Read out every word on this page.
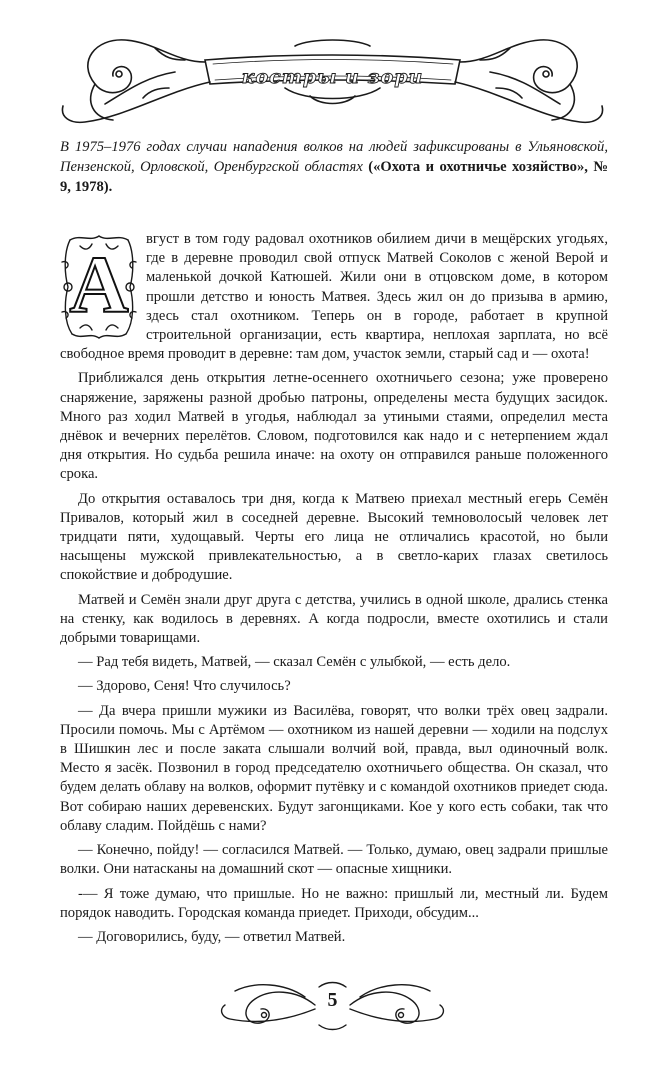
костры и зори
В 1975–1976 годах случаи нападения волков на людей зафиксированы в Ульяновской, Пензенской, Орловской, Оренбургской областях («Охота и охотничье хозяйство», № 9, 1978).
А	вгуст в том году радовал охотников обилием дичи в мещёрских угодьях, где в деревне проводил свой отпуск Матвей Соколов с женой Верой и маленькой дочкой Катюшей. Жили они в отцовском доме, в котором прошли детство и юность Матвея. Здесь жил он до призыва в армию, здесь стал охотником. Теперь он в городе, работает в крупной строительной организации, есть квартира, неплохая зарплата, но всё свободное время проводит в деревне: там дом, участок земли, старый сад и — охота!

Приближался день открытия летне-осеннего охотничьего сезона; уже проверено снаряжение, заряжены разной дробью патроны, определены места будущих засидок. Много раз ходил Матвей в угодья, наблюдал за утиными стаями, определил места днёвок и вечерних перелётов. Словом, подготовился как надо и с нетерпением ждал дня открытия. Но судьба решила иначе: на охоту он отправился раньше положенного срока.

До открытия оставалось три дня, когда к Матвею приехал местный егерь Семён Привалов, который жил в соседней деревне. Высокий темноволосый человек лет тридцати пяти, худощавый. Черты его лица не отличались красотой, но были насыщены мужской привлекательностью, а в светло-карих глазах светилось спокойствие и добродушие.

Матвей и Семён знали друг друга с детства, учились в одной школе, дрались стенка на стенку, как водилось в деревнях. А когда подросли, вместе охотились и стали добрыми товарищами.

— Рад тебя видеть, Матвей, — сказал Семён с улыбкой, — есть дело.

— Здорово, Сеня! Что случилось?

— Да вчера пришли мужики из Василёва, говорят, что волки трёх овец задрали. Просили помочь. Мы с Артёмом — охотником из нашей деревни — ходили на подслух в Шишкин лес и после заката слышали волчий вой, правда, выл одиночный волк. Место я засёк. Позвонил в город председателю охотничьего общества. Он сказал, что будем делать облаву на волков, оформит путёвку и с командой охотников приедет сюда. Вот собираю наших деревенских. Будут загонщиками. Кое у кого есть собаки, так что облаву сладим. Пойдёшь с нами?

— Конечно, пойду! — согласился Матвей. — Только, думаю, овец задрали пришлые волки. Они натасканы на домашний скот — опасные хищники.

-— Я тоже думаю, что пришлые. Но не важно: пришлый ли, местный ли. Будем порядок наводить. Городская команда приедет. Приходи, обсудим...

— Договорились, буду, — ответил Матвей.

5
